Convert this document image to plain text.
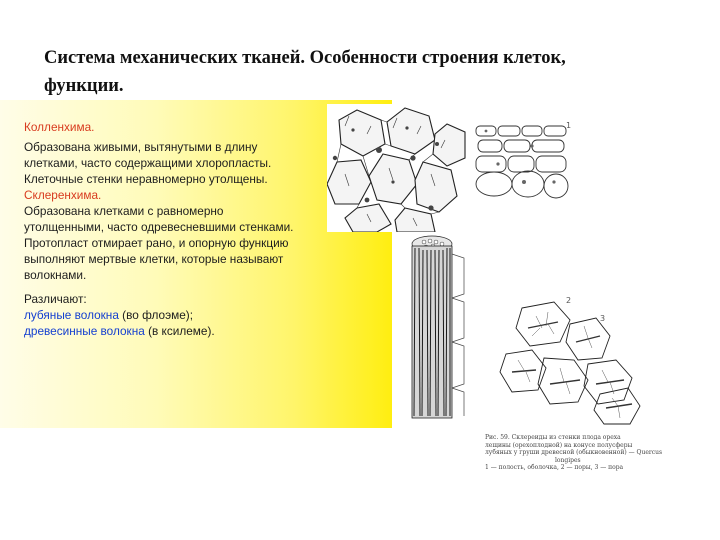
Система механических тканей. Особенности строения клеток,
функции.
Колленхима.
Образована живыми, вытянутыми в длину
клетками, часто содержащими хлоропласты.
Клеточные стенки неравномерно утолщены.
Склеренхима.
Образована клетками с равномерно
утолщенными, часто одревесневшими стенками.
Протопласт отмирает рано, и опорную функцию
выполняют мертвые клетки, которые называют
волокнами.
Различают:
лубяные волокна (во флоэме);
древесинные волокна (в ксилеме).
1
2
3
Рис. 59. Склереиды из стенки плода ореха
лещины (орехоплодной) на конусе полусферы
лубяных у груши древесной (обыкновенной) — Quercus
longipes
1 — полость, оболочка, 2 — поры, 3 — пора
